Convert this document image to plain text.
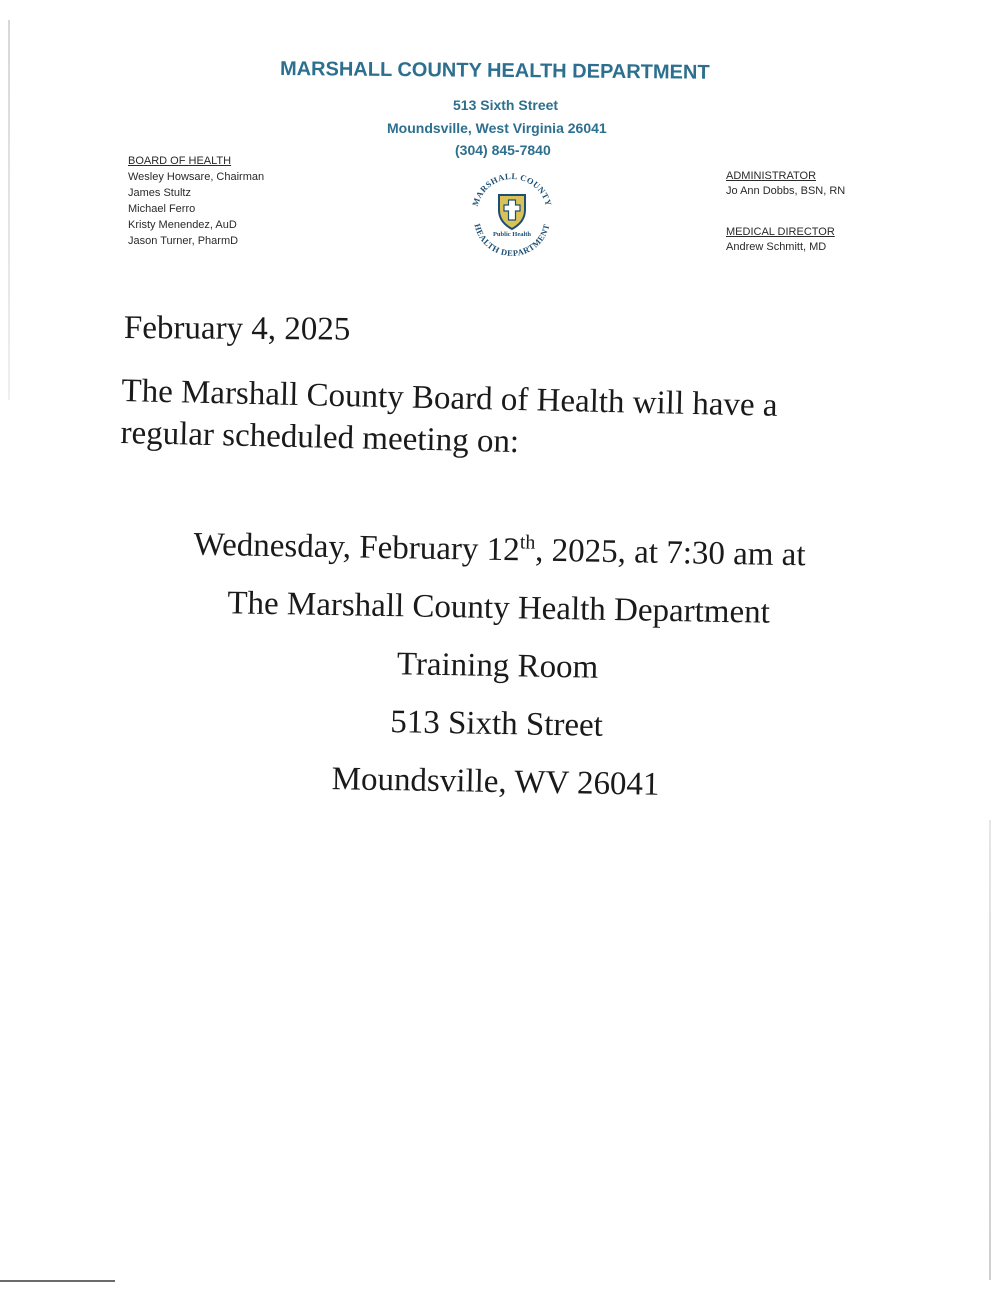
MARSHALL COUNTY HEALTH DEPARTMENT
513 Sixth Street
Moundsville, West Virginia 26041
(304) 845-7840
BOARD OF HEALTH
Wesley Howsare, Chairman
James Stultz
Michael Ferro
Kristy Menendez, AuD
Jason Turner, PharmD
MARSHALL COUNTY
HEALTH DEPARTMENT
Public Health
ADMINISTRATOR
Jo Ann Dobbs, BSN, RN
MEDICAL DIRECTOR
Andrew Schmitt, MD
February 4, 2025
The Marshall County Board of Health will have a
regular scheduled meeting on:
Wednesday, February 12th, 2025, at 7:30 am at
The Marshall County Health Department
Training Room
513 Sixth Street
Moundsville, WV 26041
